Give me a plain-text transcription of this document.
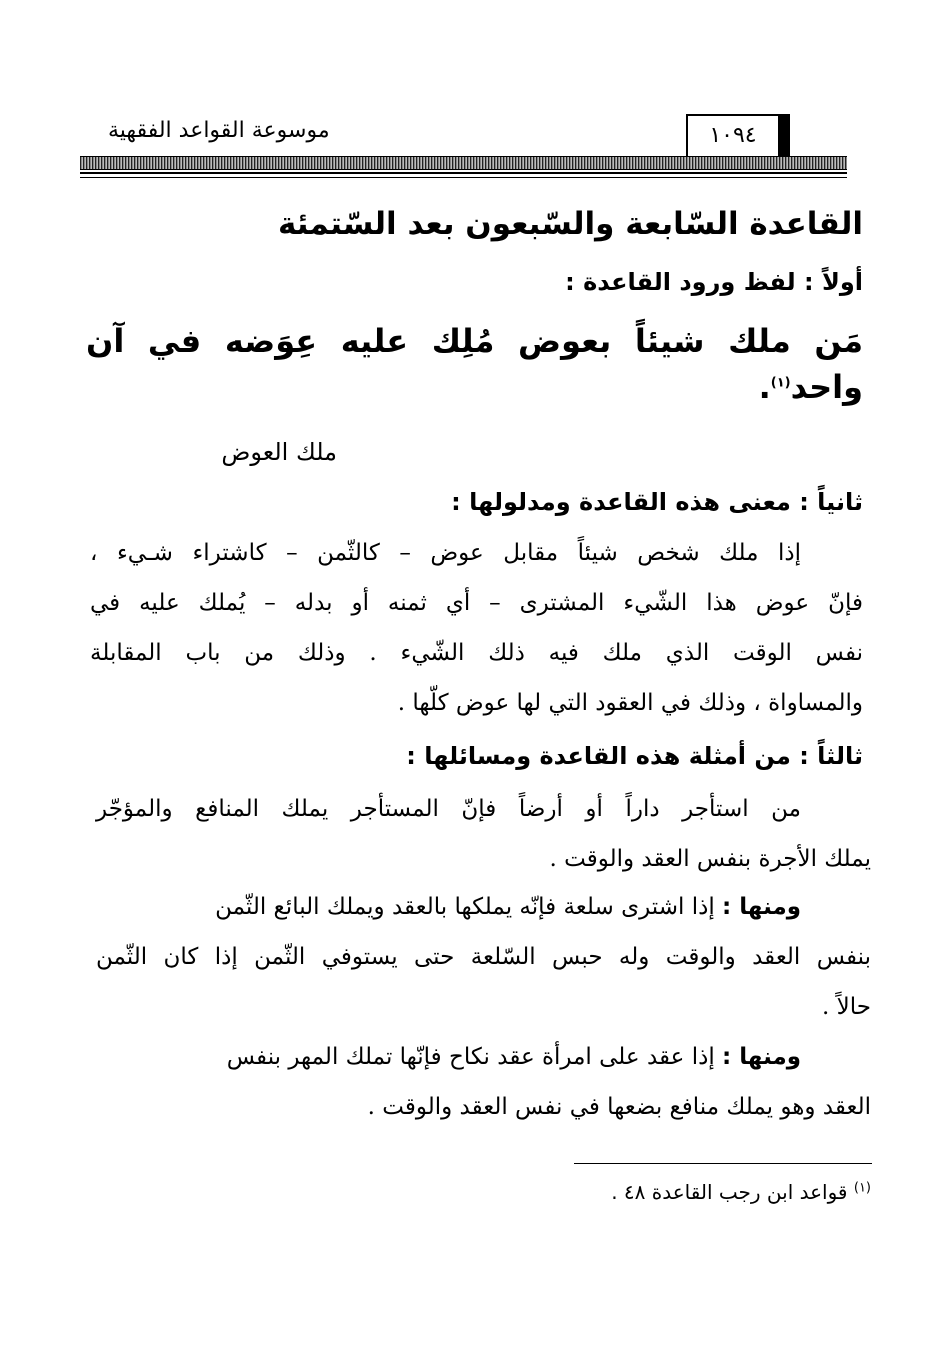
موسوعة القواعد الفقهية	١٠٩٤
القاعدة السّابعة والسّبعون بعد السّتمئة
أولاً : لفظ ورود القاعدة :
مَن ملك شيئاً بعوض مُلِك عليه عِوَضه في آن
واحد$^{(١)}$.
ملك العوض
ثانياً : معنى هذه القاعدة ومدلولها :
إذا ملك شخص شيئاً مقابل عوض – كالثّمن – كاشتراء شـيء ،
فإنّ عوض هذا الشّيء المشترى – أي ثمنه أو بدله – يُملك عليه في
نفس الوقت الذي ملك فيه ذلك الشّيء . وذلك من باب المقابلة
والمساواة ، وذلك في العقود التي لها عوض كلّها .
ثالثاً : من أمثلة هذه القاعدة ومسائلها :
من استأجر داراً أو أرضاً فإنّ المستأجر يملك المنافع والمؤجّر
يملك الأجرة بنفس العقد والوقت .
ومنها : إذا اشترى سلعة فإنّه يملكها بالعقد ويملك البائع الثّمن
بنفس العقد والوقت وله حبس السّلعة حتى يستوفي الثّمن إذا كان الثّمن
حالاً .
ومنها : إذا عقد على امرأة عقد نكاح فإنّها تملك المهر بنفس
العقد وهو يملك منافع بضعها في نفس العقد والوقت .
$^{(١)}$ قواعد ابن رجب القاعدة ٤٨ .
